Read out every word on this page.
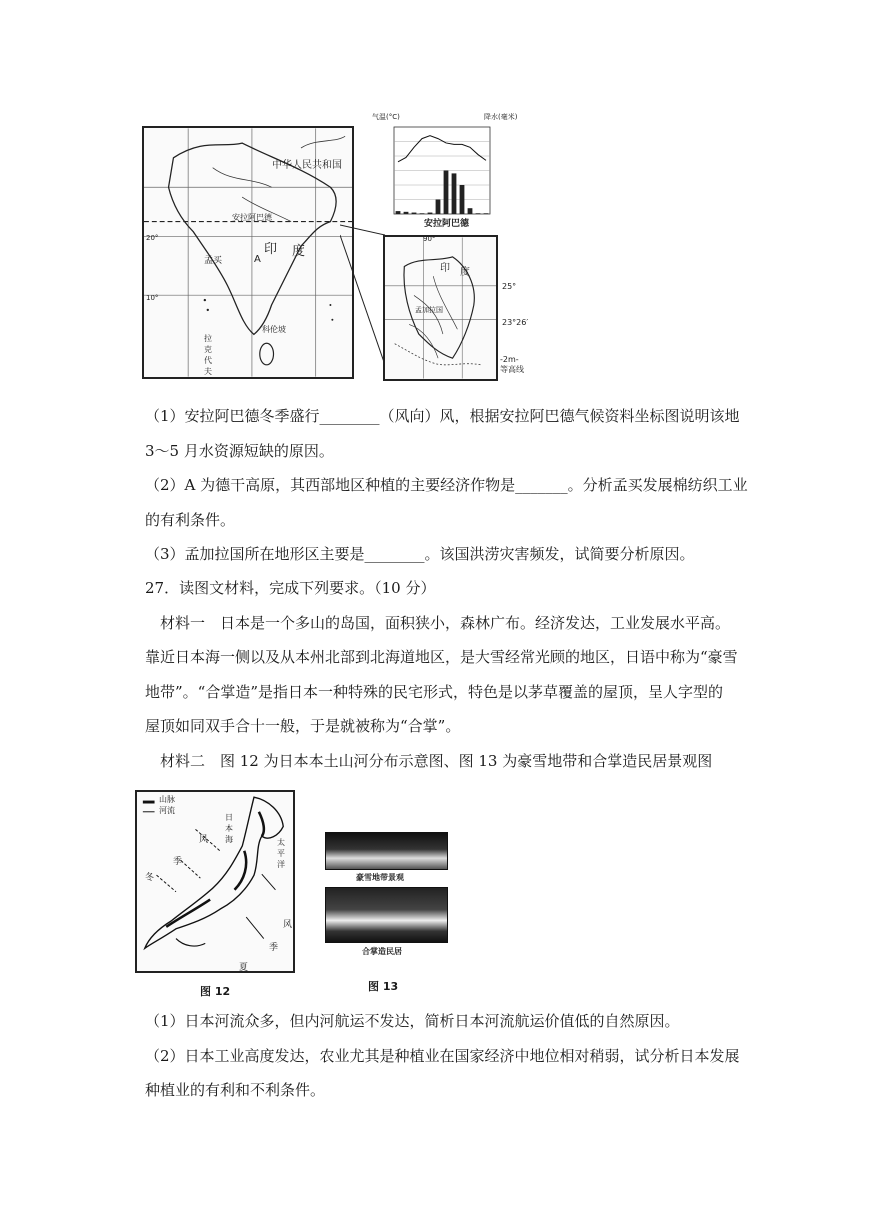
中华人民共和国
印 度
A
孟买
安拉阿巴德
科伦坡
拉克代夫
20°
10°
气温(°C)	降水(毫米)
安拉阿巴德
印 度
孟加拉国
90°
25°
23°26′
-2m-
等高线
（1）安拉阿巴德冬季盛行________（风向）风，根据安拉阿巴德气候资料坐标图说明该地
3～5 月水资源短缺的原因。
（2）A 为德干高原，其西部地区种植的主要经济作物是_______。分析孟买发展棉纺织工业
的有利条件。
（3）孟加拉国所在地形区主要是________。该国洪涝灾害频发，试简要分析原因。
27．读图文材料，完成下列要求。（10 分）
材料一　日本是一个多山的岛国，面积狭小，森林广布。经济发达，工业发展水平高。
靠近日本海一侧以及从本州北部到北海道地区，是大雪经常光顾的地区，日语中称为“豪雪
地带”。“合掌造”是指日本一种特殊的民宅形式，特色是以茅草覆盖的屋顶，呈人字型的
屋顶如同双手合十一般，于是就被称为“合掌”。
材料二　图 12 为日本本土山河分布示意图、图 13 为豪雪地带和合掌造民居景观图
山脉
河流
日本海	太平洋
冬
季
风
风
季
夏
图 12
豪雪地带景观
合掌造民居
图 13
（1）日本河流众多，但内河航运不发达，简析日本河流航运价值低的自然原因。
（2）日本工业高度发达，农业尤其是种植业在国家经济中地位相对稍弱，试分析日本发展
种植业的有利和不利条件。
